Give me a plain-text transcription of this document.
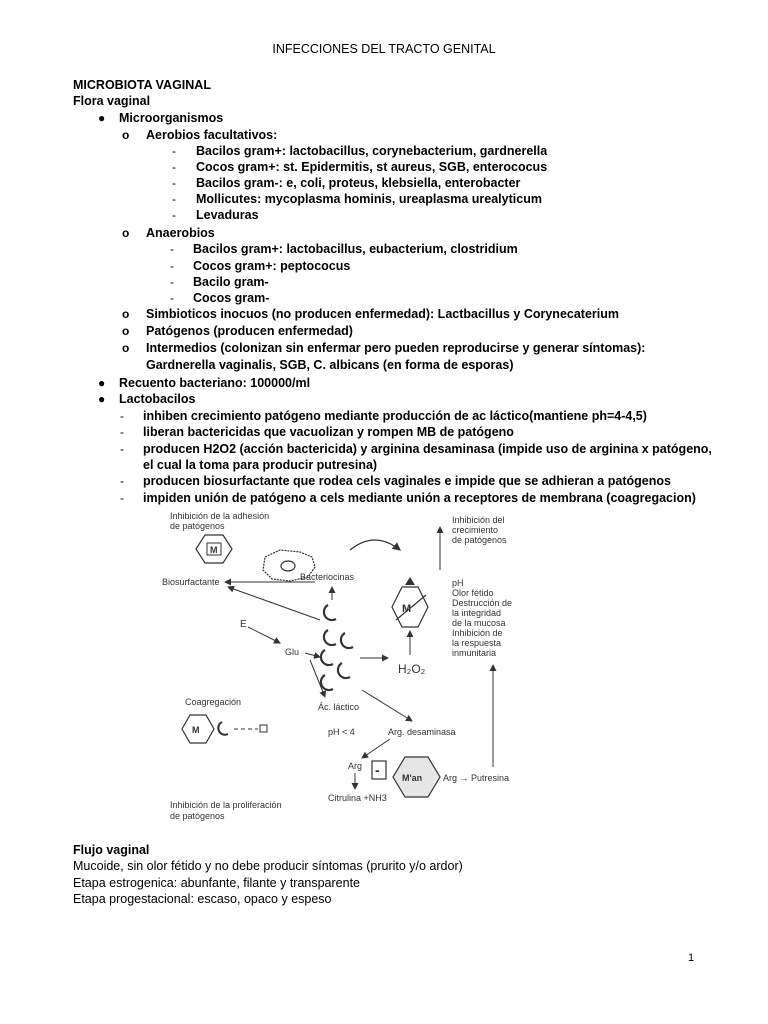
INFECCIONES DEL TRACTO GENITAL
MICROBIOTA VAGINAL
Flora vaginal
● Microorganismos
o Aerobios facultativos:
- Bacilos gram+: lactobacillus, corynebacterium, gardnerella
- Cocos gram+: st. Epidermitis, st aureus, SGB, enterococus
- Bacilos gram-: e, coli, proteus, klebsiella, enterobacter
- Mollicutes: mycoplasma hominis, ureaplasma urealyticum
- Levaduras
o Anaerobios
- Bacilos gram+: lactobacillus, eubacterium, clostridium
- Cocos gram+: peptococus
- Bacilo gram-
- Cocos gram-
o Simbioticos inocuos (no producen enfermedad): Lactbacillus y Corynecaterium
o Patógenos (producen enfermedad)
o Intermedios (colonizan sin enfermar pero pueden reproducirse y generar síntomas):
Gardnerella vaginalis, SGB, C. albicans (en forma de esporas)
● Recuento bacteriano: 100000/ml
● Lactobacilos
- inhiben crecimiento patógeno mediante producción de ac láctico(mantiene ph=4-4,5)
- liberan bactericidas que vacuolizan y rompen MB de patógeno
- producen H2O2 (acción bactericida) y arginina desaminasa (impide uso de arginina x patógeno,
el cual la toma para producir putresina)
- producen biosurfactante que rodea cels vaginales e impide que se adhieran a patógenos
- impiden unión de patógeno a cels mediante unión a receptores de membrana (coagregacion)
Inhibición de la adhesión
de patógenos
M
Biosurfactante	Bacteriocinas
Inhibición del
crecimiento
de patógenos
M
pH
Olor fétido
Destrucción de
la integridad
de la mucosa
Inhibición de
la respuesta
inmunitaria
E
Glu
H₂O₂
Coagregación
M
Ác. láctico
pH < 4	Arg. desaminasa
Arg
Citrulina +NH3
- M'an Arg → Putresina
Inhibición de la proliferación
de patógenos
Flujo vaginal
Mucoide, sin olor fétido y no debe producir síntomas (prurito y/o ardor)
Etapa estrogenica: abunfante, filante y transparente
Etapa progestacional: escaso, opaco y espeso
1
